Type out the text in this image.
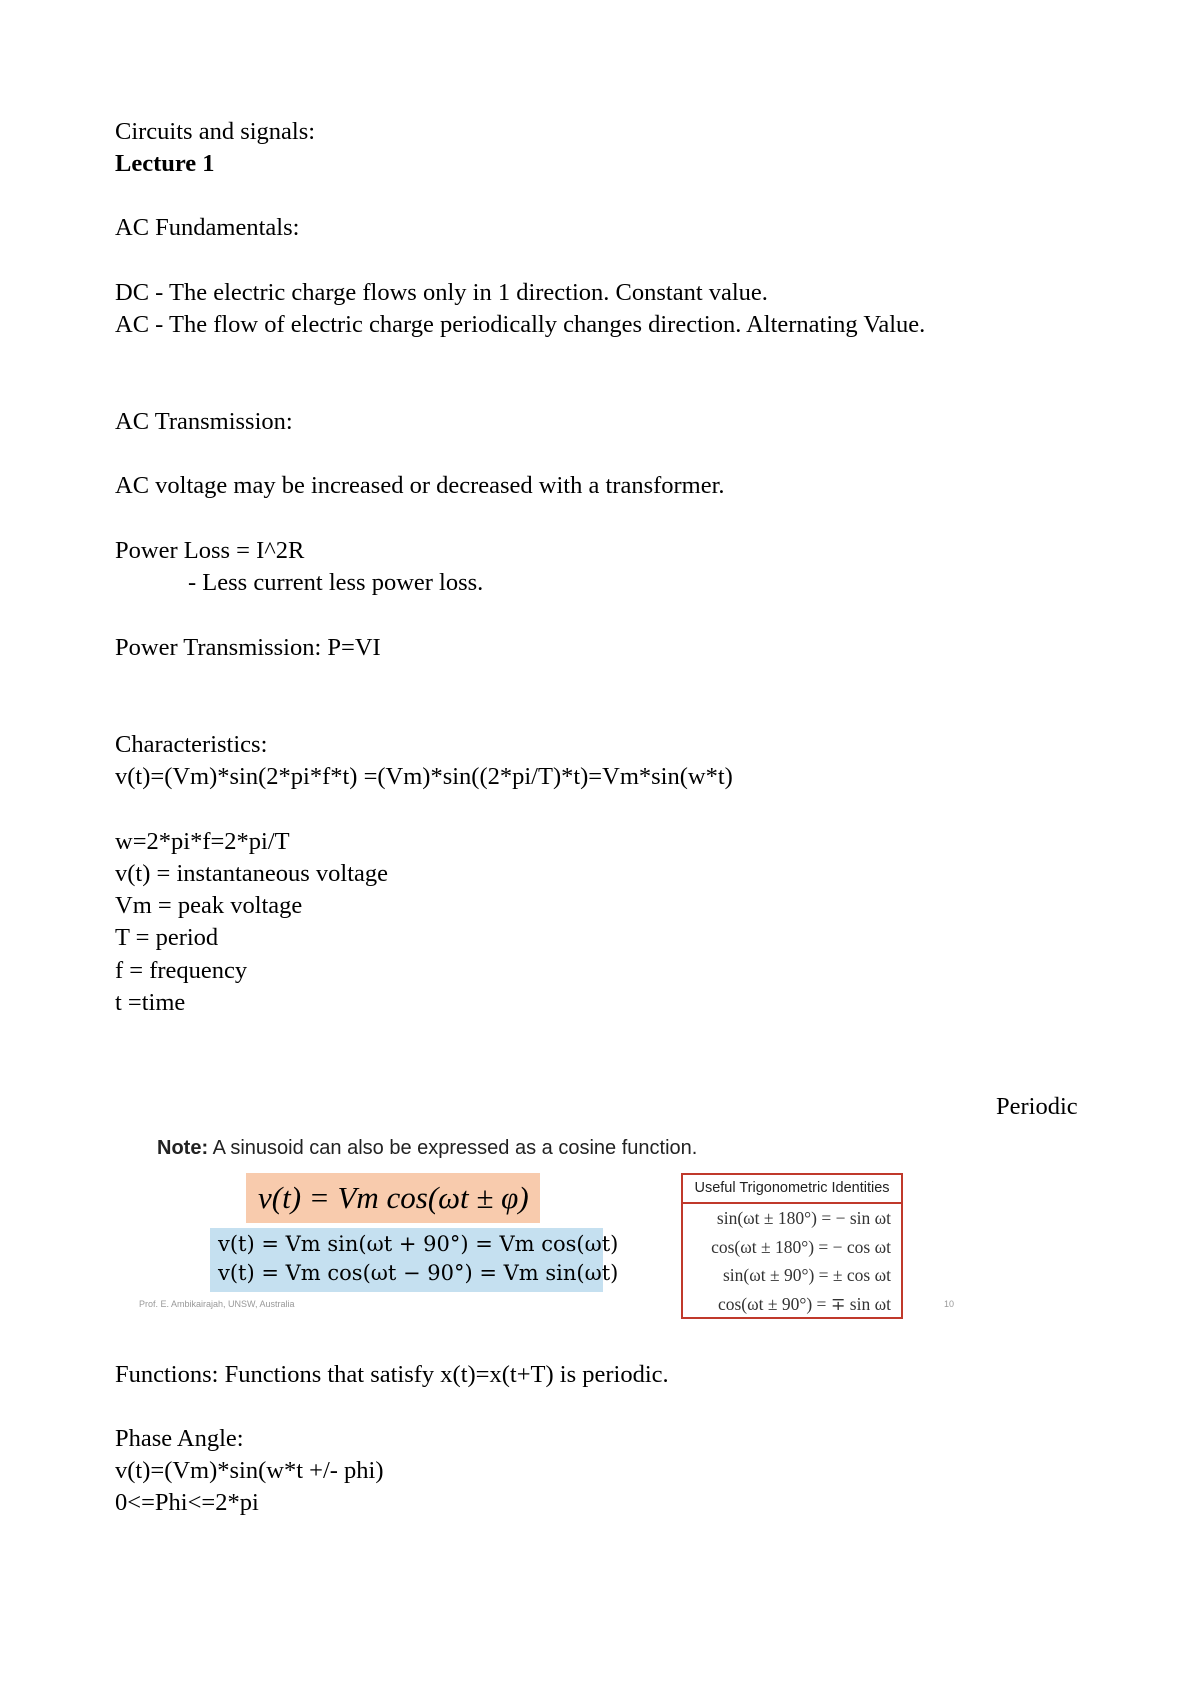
Circuits and signals:
Lecture 1
AC Fundamentals:
DC - The electric charge flows only in 1 direction. Constant value.
AC - The flow of electric charge periodically changes direction. Alternating Value.
AC Transmission:
AC voltage may be increased or decreased with a transformer.
Power Loss = I^2R
- Less current less power loss.
Power Transmission: P=VI
Characteristics:
v(t)=(Vm)*sin(2*pi*f*t) =(Vm)*sin((2*pi/T)*t)=Vm*sin(w*t)
w=2*pi*f=2*pi/T
v(t) = instantaneous voltage
Vm = peak voltage
T = period
f = frequency
t =time
Functions: Functions that satisfy x(t)=x(t+T) is periodic.
Phase Angle:
v(t)=(Vm)*sin(w*t +/- phi)
0<=Phi<=2*pi
Periodic
Note: A sinusoid can also be expressed as a cosine function.
v(t) = Vm cos(ωt ± φ)
v(t) = Vm sin(ωt + 90°) = Vm cos(ωt)
v(t) = Vm cos(ωt − 90°) = Vm sin(ωt)
Useful Trigonometric Identities
sin(ωt ± 180°) = − sin ωt
cos(ωt ± 180°) = − cos ωt
sin(ωt ± 90°) = ± cos ωt
cos(ωt ± 90°) = ∓ sin ωt
Prof. E. Ambikairajah, UNSW, Australia	10
